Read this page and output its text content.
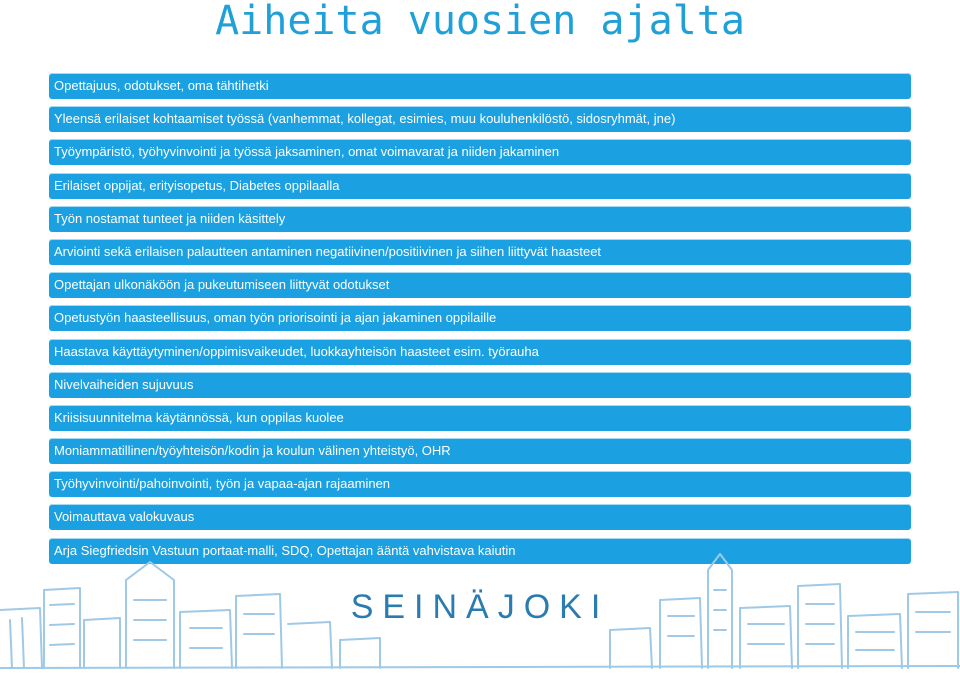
Aiheita vuosien ajalta
Opettajuus, odotukset, oma tähtihetki
Yleensä erilaiset kohtaamiset työssä (vanhemmat, kollegat, esimies, muu kouluhenkilöstö, sidosryhmät, jne)
Työympäristö, työhyvinvointi ja työssä jaksaminen, omat voimavarat ja niiden jakaminen
Erilaiset oppijat, erityisopetus, Diabetes oppilaalla
Työn nostamat tunteet ja niiden käsittely
Arviointi sekä erilaisen palautteen antaminen negatiivinen/positiivinen ja siihen liittyvät haasteet
Opettajan ulkonäköön ja pukeutumiseen liittyvät odotukset
Opetustyön haasteellisuus, oman työn priorisointi ja ajan jakaminen oppilaille
Haastava käyttäytyminen/oppimisvaikeudet, luokkayhteisön haasteet esim. työrauha
Nivelvaiheiden sujuvuus
Kriisisuunnitelma käytännössä, kun oppilas kuolee
Moniammatillinen/työyhteisön/kodin ja koulun välinen yhteistyö, OHR
Työhyvinvointi/pahoinvointi, työn ja vapaa-ajan rajaaminen
Voimauttava valokuvaus
Arja Siegfriedsin Vastuun portaat-malli, SDQ, Opettajan ääntä vahvistava kaiutin
SEINÄJOKI
